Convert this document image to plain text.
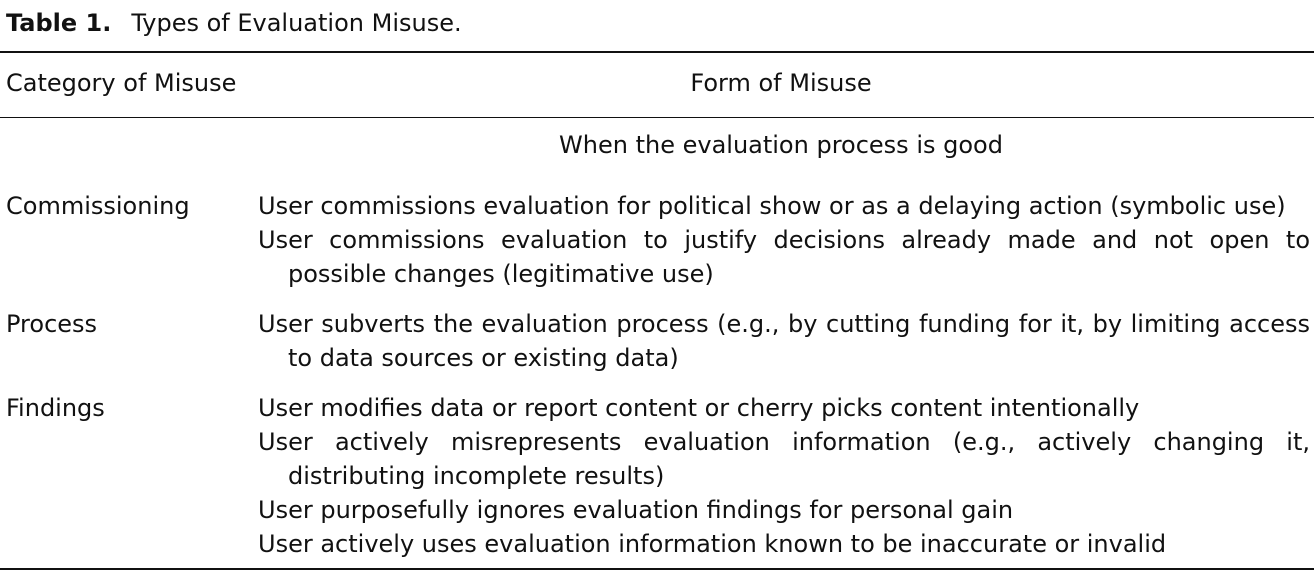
Table 1. Types of Evaluation Misuse.
Category of Misuse	Form of Misuse
When the evaluation process is good
Commissioning	User commissions evaluation for political show or as a delaying action (symbolic use)
User commissions evaluation to justify decisions already made and not open to possible changes (legitimative use)
Process	User subverts the evaluation process (e.g., by cutting funding for it, by limiting access to data sources or existing data)
Findings	User modifies data or report content or cherry picks content intentionally
User actively misrepresents evaluation information (e.g., actively changing it, distributing incomplete results)
User purposefully ignores evaluation findings for personal gain
User actively uses evaluation information known to be inaccurate or invalid
